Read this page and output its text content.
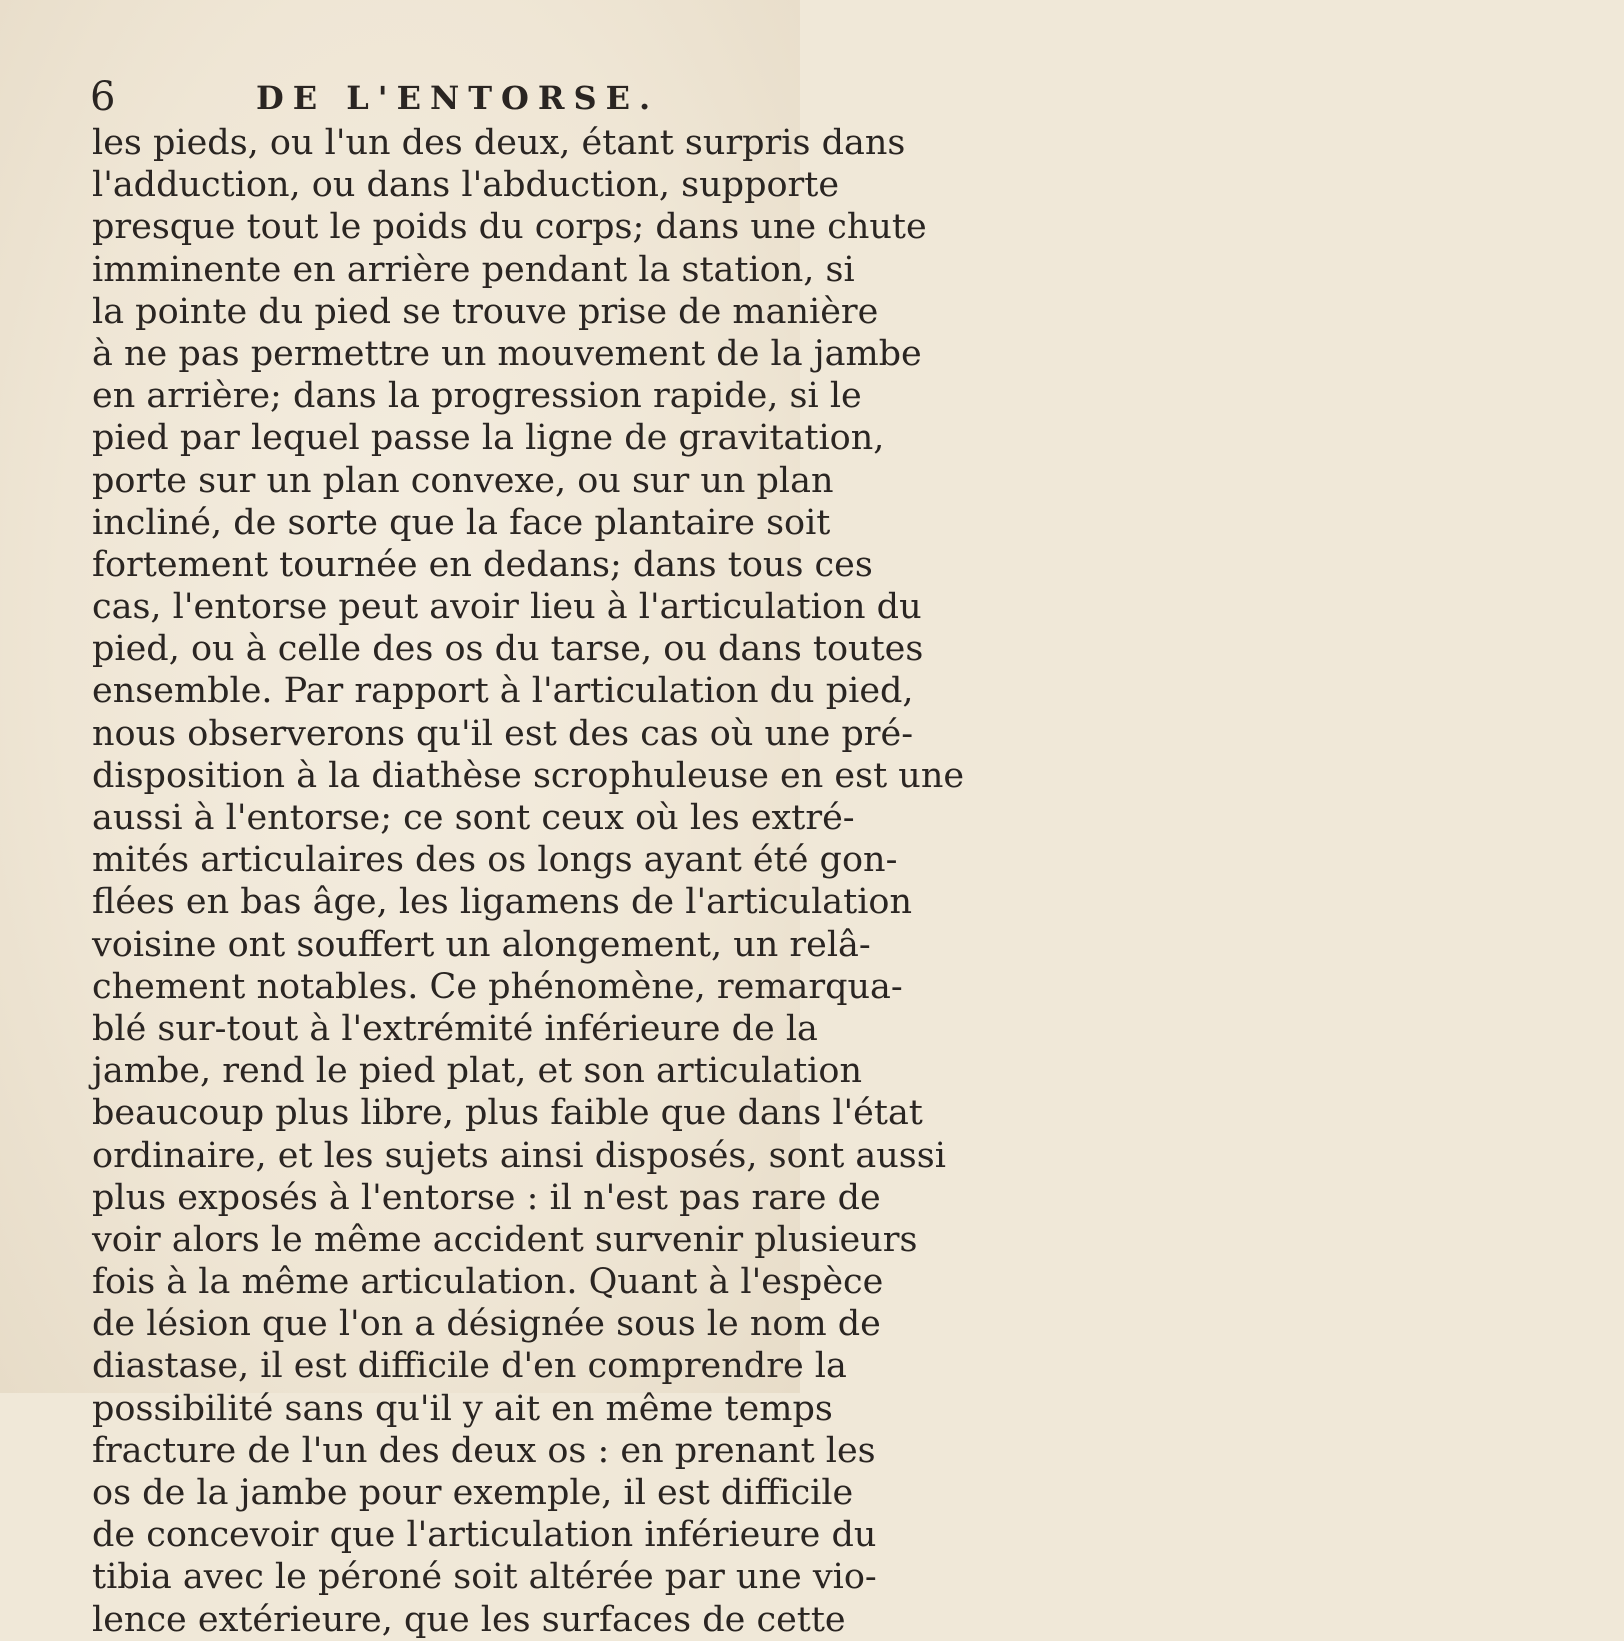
6	DE L'ENTORSE.
les pieds, ou l'un des deux, étant surpris dans
l'adduction, ou dans l'abduction, supporte
presque tout le poids du corps; dans une chute
imminente en arrière pendant la station, si
la pointe du pied se trouve prise de manière
à ne pas permettre un mouvement de la jambe
en arrière; dans la progression rapide, si le
pied par lequel passe la ligne de gravitation,
porte sur un plan convexe, ou sur un plan
incliné, de sorte que la face plantaire soit
fortement tournée en dedans; dans tous ces
cas, l'entorse peut avoir lieu à l'articulation du
pied, ou à celle des os du tarse, ou dans toutes
ensemble. Par rapport à l'articulation du pied,
nous observerons qu'il est des cas où une pré-
disposition à la diathèse scrophuleuse en est une
aussi à l'entorse; ce sont ceux où les extré-
mités articulaires des os longs ayant été gon-
flées en bas âge, les ligamens de l'articulation
voisine ont souffert un alongement, un relâ-
chement notables. Ce phénomène, remarqua-
blé sur-tout à l'extrémité inférieure de la
jambe, rend le pied plat, et son articulation
beaucoup plus libre, plus faible que dans l'état
ordinaire, et les sujets ainsi disposés, sont aussi
plus exposés à l'entorse : il n'est pas rare de
voir alors le même accident survenir plusieurs
fois à la même articulation. Quant à l'espèce
de lésion que l'on a désignée sous le nom de
diastase, il est difficile d'en comprendre la
possibilité sans qu'il y ait en même temps
fracture de l'un des deux os : en prenant les
os de la jambe pour exemple, il est difficile
de concevoir que l'articulation inférieure du
tibia avec le péroné soit altérée par une vio-
lence extérieure, que les surfaces de cette
